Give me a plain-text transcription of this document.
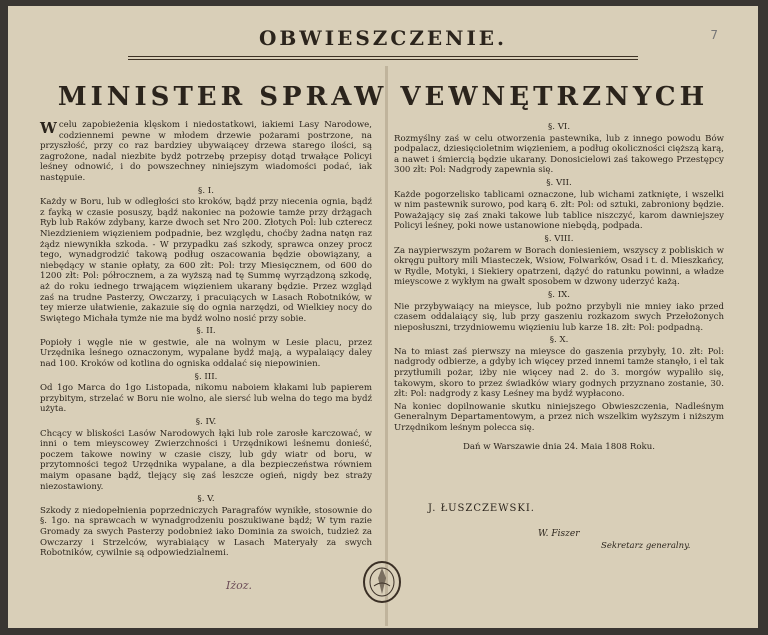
7
OBWIESZCZENIE.
MINISTER SPRAW VEWNĘTRZNYCH

Wcelu zapobieżenia klęskom i niedostatkowi, iakiemi Lasy Narodowe, codziennemi pewne w młodem drzewie pożarami postrzone, na przyszłość, przy co raz bardziey ubywaiącey drzewa starego ilości, są zagrożone, nadal niezbite bydż potrzebę przepisy dotąd trwałące Policyi leśney odnowić, i do powszechney niniejszym wiadomości podać, iak następuie.

§. I.

Każdy w Boru, lub w odległości sto kroków, bądź przy niecenia ognia, bądź z fayką w czasie posuszy, bądź nakoniec na pożowie tamże przy drżągach Ryb lub Raków zdybany, karze dwoch set Nro 200. Złotych Pol: lub czterecz Niezdzieniem więzieniem podpadnie, bez względu, choćby żadna natęn raz żądz niewynikła szkoda. - W przypadku zaś szkody, sprawca onzey procz tego, wynadgrodzić takową podług oszacowania będzie obowiązany, a niebędący w stanie opłaty, za 600 złt: Pol: trzy Miesięcznem, od 600 do 1200 złt: Pol: półrocznem, a za wyższą nad tę Summę wyrządzoną szkodę, aż do roku iednego trwającem więzieniem ukarany będzie. Przez wzgląd zaś na trudne Pasterzy, Owczarzy, i pracuiących w Lasach Robotników, w tey mierze ułatwienie, zakazuie się do ognia narzędzi, od Wielkiey nocy do Swiętego Michała tymże nie ma bydź wolno nosić przy sobie.

§. II.

Popioły i węgle nie w gestwie, ale na wolnym w Lesie placu, przez Urzędnika leśnego oznaczonym, wypalane bydź mają, a wypalaiący daley nad 100. Kroków od kotlina do ogniska oddalać się niepowinien.

§. III.

Od 1go Marca do 1go Listopada, nikomu naboiem kłakami lub papierem przybitym, strzelać w Boru nie wolno, ale siersć lub welna do tego ma bydź użyta.

§. IV.

Chcący w bliskości Lasów Narodowych łąki lub role zarosłe karczować, w inni o tem mieyscowey Zwierzchności i Urzędnikowi leśnemu donieść, poczem takowe nowiny w czasie ciszy, lub gdy wiatr od boru, w przytomności tegoż Urzędnika wypalane, a dla bezpieczeństwa równiem maiym opasane bądź, tlejący się zaś leszcze ogień, nigdy bez straży niezostawiony.

§. V.

Szkody z niedopełnienia poprzedniczych Paragrafów wynikłe, stosownie do §. 1go. na sprawcach w wynadgrodzeniu poszukiwane bądź; W tym razie Gromady za swych Pasterzy podobnież iako Dominia za swoich, tudzież za Owczarzy i Strzelców, wyrabiaiący w Lasach Materyały za swych Robotników, cywilnie są odpowiedzialnemi.

§. VI.

Rozmyślny zaś w celu otworzenia pastewnika, lub z innego powodu Bów podpalacz, dziesięcioletnim więzieniem, a podług okoliczności cięższą karą, a nawet i śmiercią będzie ukarany. Donosicielowi zaś takowego Przestępcy 300 złt: Pol: Nadgrody zapewnia się.

§. VII.

Każde pogorzelisko tablicami oznaczone, lub wichami zatknięte, i wszelki w nim pastewnik surowo, pod karą 6. złt: Pol: od sztuki, zabroniony będzie. Poważający się zaś znaki takowe lub tablice niszczyć, karom dawniejszey Policyi leśney, poki nowe ustanowione niebędą, podpada.

§. VIII.

Za naypierwszym pożarem w Borach doniesieniem, wszyscy z pobliskich w okręgu pułtory mili Miasteczek, Wsiow, Folwarków, Osad i t. d. Mieszkańcy, w Rydle, Motyki, i Siekiery opatrzeni, dążyć do ratunku powinni, a władze mieyscowe z wykłym na gwałt sposobem w dzwony uderzyć każą.

§. IX.

Nie przybywaiący na mieysce, lub pożno przybyli nie mniey iako przed czasem oddalaiący się, lub przy gaszeniu rozkazom swych Przełożonych nieposłuszni, trzydniowemu więzieniu lub karze 18. złt: Pol: podpadną.

§. X.

Na to miast zaś pierwszy na mieysce do gaszenia przybyły, 10. złt: Pol: nadgrody odbierze, a gdyby ich więcey przed innemi tamże stanęło, i el tak przytłumili pożar, iżby nie więcey nad 2. do 3. morgów wypaliło się, takowym, skoro to przez świadków wiary godnych przyznano zostanie, 30. złt: Pol: nadgrody z kasy Leśney ma bydź wypłacono.

Na koniec dopilnowanie skutku niniejszego Obwieszczenia, Nadleśnym Generalnym Departamentowym, a przez nich wszelkim wyższym i niższym Urzędnikom leśnym polecca się.

Dań w Warszawie dnia 24. Maia 1808 Roku.
J. ŁUSZCZEWSKI.
W. Fiszer
Sekretarz generalny.
Iżoz.
